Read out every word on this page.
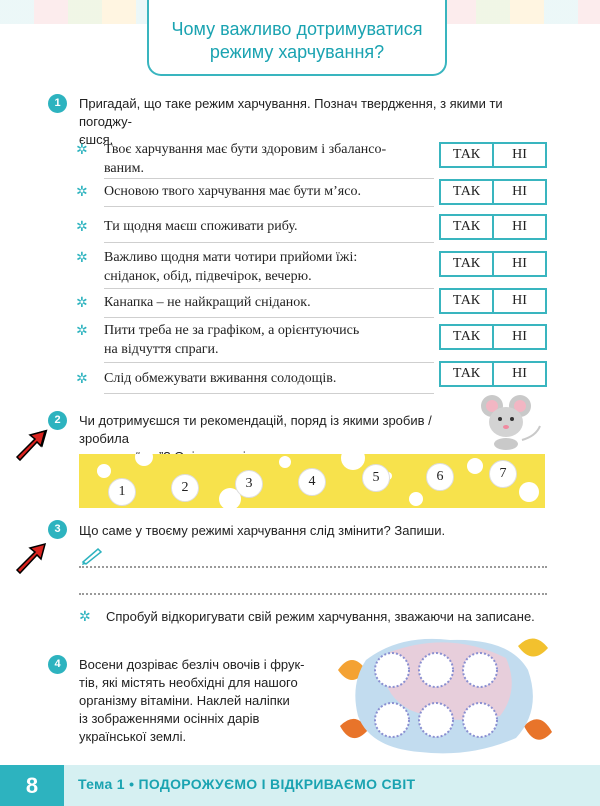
Чому важливо дотримуватися
режиму харчування?
1	Пригадай, що таке режим харчування. Познач твердження, з якими ти погоджу-
єшся.
✲ Твоє харчування має бути здоровим і збалансо-
ваним.
ТАК	НІ
✲ Основою твого харчування має бути м’ясо.	ТАК	НІ
✲ Ти щодня маєш споживати рибу.	ТАК	НІ
✲ Важливо щодня мати чотири прийоми їжі:
сніданок, обід, підвечірок, вечерю.
ТАК	НІ
✲ Канапка – не найкращий сніданок.	ТАК	НІ
✲ Пити треба не за графіком, а орієнтуючись
на відчуття спраги.
ТАК	НІ
✲ Слід обмежувати вживання солодощів.	ТАК	НІ
2	Чи дотримуєшся ти рекомендацій, поряд із якими зробив / зробила
1	2	3	4	5	6	7
3	Що саме у твоєму режимі харчування слід змінити? Запиши.
✲ Спробуй відкоригувати свій режим харчування, зважаючи на записане.
4	Восени дозріває безліч овочів і фрук-
тів, які містять необхідні для нашого
організму вітаміни. Наклей наліпки
із зображеннями осінніх дарів
української землі.
8	Тема 1 • ПОДОРОЖУЄМО І ВІДКРИВАЄМО СВІТ
